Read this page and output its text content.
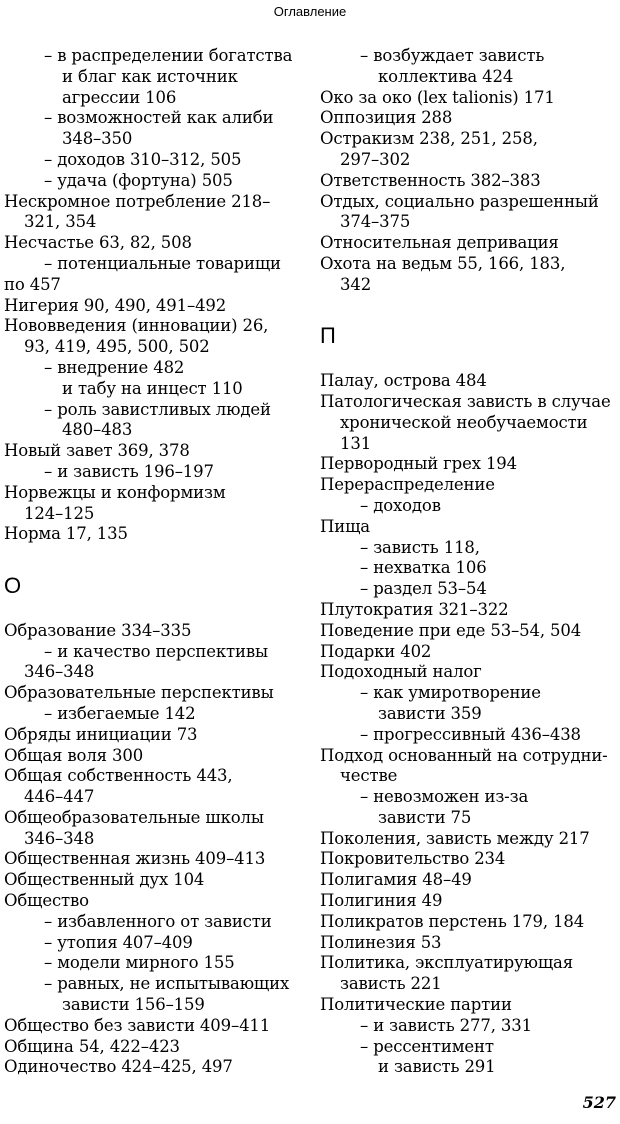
Оглавление
– в распределении богатства
и благ как источник
агрессии 106
– возможностей как алиби
348–350
– доходов 310–312, 505
– удача (фортуна) 505
Нескромное потребление 218–
321, 354
Несчастье 63, 82, 508
– потенциальные товарищи
по 457
Нигерия 90, 490, 491–492
Нововведения (инновации) 26,
93, 419, 495, 500, 502
– внедрение 482
и табу на инцест 110
– роль завистливых людей
480–483
Новый завет 369, 378
– и зависть 196–197
Норвежцы и конформизм
124–125
Норма 17, 135
О
Образование 334–335
– и качество перспективы
346–348
Образовательные перспективы
– избегаемые 142
Обряды инициации 73
Общая воля 300
Общая собственность 443,
446–447
Общеобразовательные школы
346–348
Общественная жизнь 409–413
Общественный дух 104
Общество
– избавленного от зависти
– утопия 407–409
– модели мирного 155
– равных, не испытывающих
зависти 156–159
Общество без зависти 409–411
Община 54, 422–423
Одиночество 424–425, 497
– возбуждает зависть
коллектива 424
Око за око (lex talionis) 171
Оппозиция 288
Остракизм 238, 251, 258,
297–302
Ответственность 382–383
Отдых, социально разрешенный
374–375
Относительная депривация
Охота на ведьм 55, 166, 183,
342
П
Палау, острова 484
Патологическая зависть в случае
хронической необучаемости
131
Первородный грех 194
Перераспределение
– доходов
Пища
– зависть 118,
– нехватка 106
– раздел 53–54
Плутократия 321–322
Поведение при еде 53–54, 504
Подарки 402
Подоходный налог
– как умиротворение
зависти 359
– прогрессивный 436–438
Подход основанный на сотрудни-
честве
– невозможен из-за
зависти 75
Поколения, зависть между 217
Покровительство 234
Полигамия 48–49
Полигиния 49
Поликратов перстень 179, 184
Полинезия 53
Политика, эксплуатирующая
зависть 221
Политические партии
– и зависть 277, 331
– рессентимент
и зависть 291
527
